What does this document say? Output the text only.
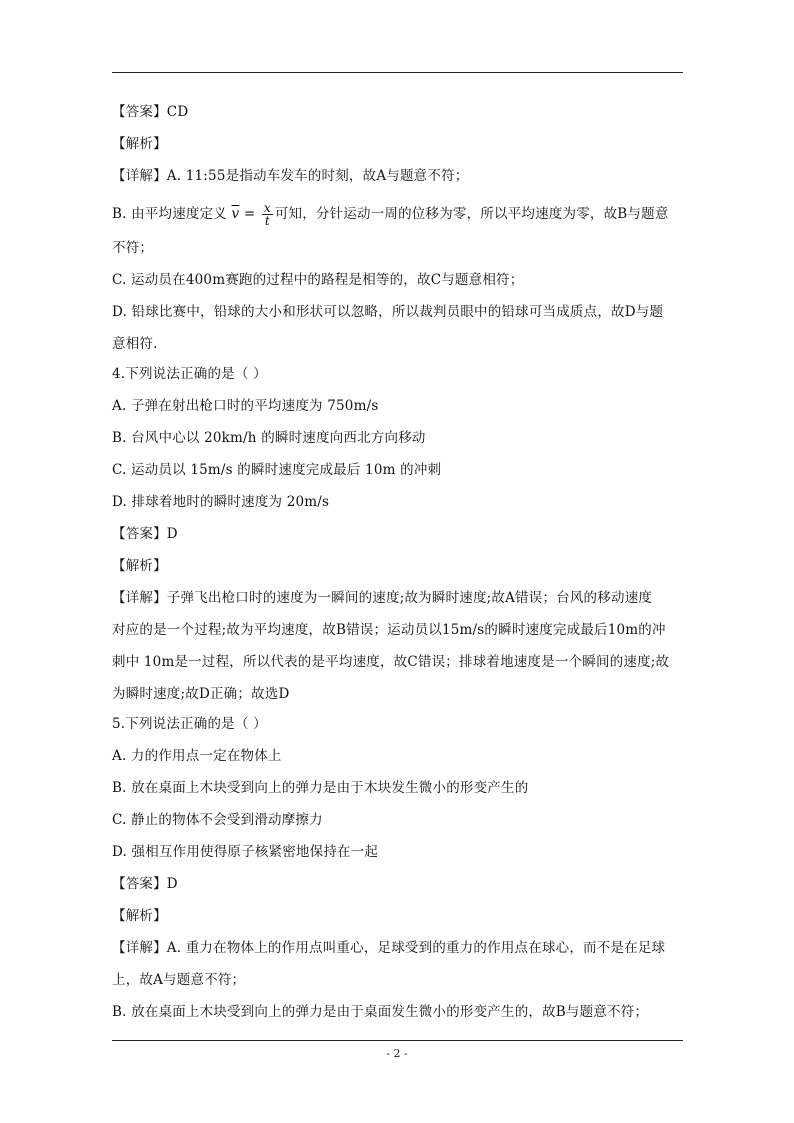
【答案】CD
【解析】
【详解】A. 11:55是指动车发车的时刻，故A与题意不符；
B. 由平均速度定义 $\overline{v} = \frac{x}{t}$ 可知，分针运动一周的位移为零，所以平均速度为零，故B与题意
不符；
C. 运动员在400m赛跑的过程中的路程是相等的，故C与题意相符；
D. 铅球比赛中，铅球的大小和形状可以忽略，所以裁判员眼中的铅球可当成质点，故D与题
意相符.
4.下列说法正确的是（ ）
A. 子弹在射出枪口时的平均速度为 750m/s
B. 台风中心以 20km/h 的瞬时速度向西北方向移动
C. 运动员以 15m/s 的瞬时速度完成最后 10m 的冲刺
D. 排球着地时的瞬时速度为 20m/s
【答案】D
【解析】
【详解】子弹飞出枪口时的速度为一瞬间的速度;故为瞬时速度;故A错误；台风的移动速度
对应的是一个过程;故为平均速度，故B错误；运动员以15m/s的瞬时速度完成最后10m的冲
刺中 10m是一过程，所以代表的是平均速度，故C错误；排球着地速度是一个瞬间的速度;故
为瞬时速度;故D正确；故选D
5.下列说法正确的是（ ）
A. 力的作用点一定在物体上
B. 放在桌面上木块受到向上的弹力是由于木块发生微小的形变产生的
C. 静止的物体不会受到滑动摩擦力
D. 强相互作用使得原子核紧密地保持在一起
【答案】D
【解析】
【详解】A. 重力在物体上的作用点叫重心，足球受到的重力的作用点在球心，而不是在足球
上，故A与题意不符；
B. 放在桌面上木块受到向上的弹力是由于桌面发生微小的形变产生的，故B与题意不符；
- 2 -
